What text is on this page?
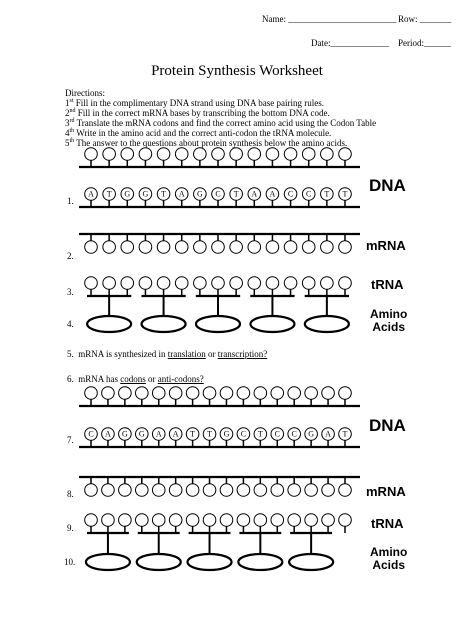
Name: ________________________ Row: _______
Date:_____________ Period:______
Protein Synthesis Worksheet
Directions:
1st Fill in the complimentary DNA strand using DNA base pairing rules.
2nd Fill in the correct mRNA bases by transcribing the bottom DNA code.
3rd Translate the mRNA codons and find the correct amino acid using the Codon Table
4th Write in the amino acid and the correct anti-codon the tRNA molecule.
5th The answer to the questions about protein synthesis below the amino acids.
A T G G T A G C T A A C C T T
C A G G A A T T G C T C C G A T
1.
2.
3.
4.
DNA
mRNA
tRNA
Amino
Acids
5. mRNA is synthesized in translation or transcription?
6. mRNA has codons or anti-codons?
7.
8.
9.
10.
DNA
mRNA
tRNA
Amino
Acids
